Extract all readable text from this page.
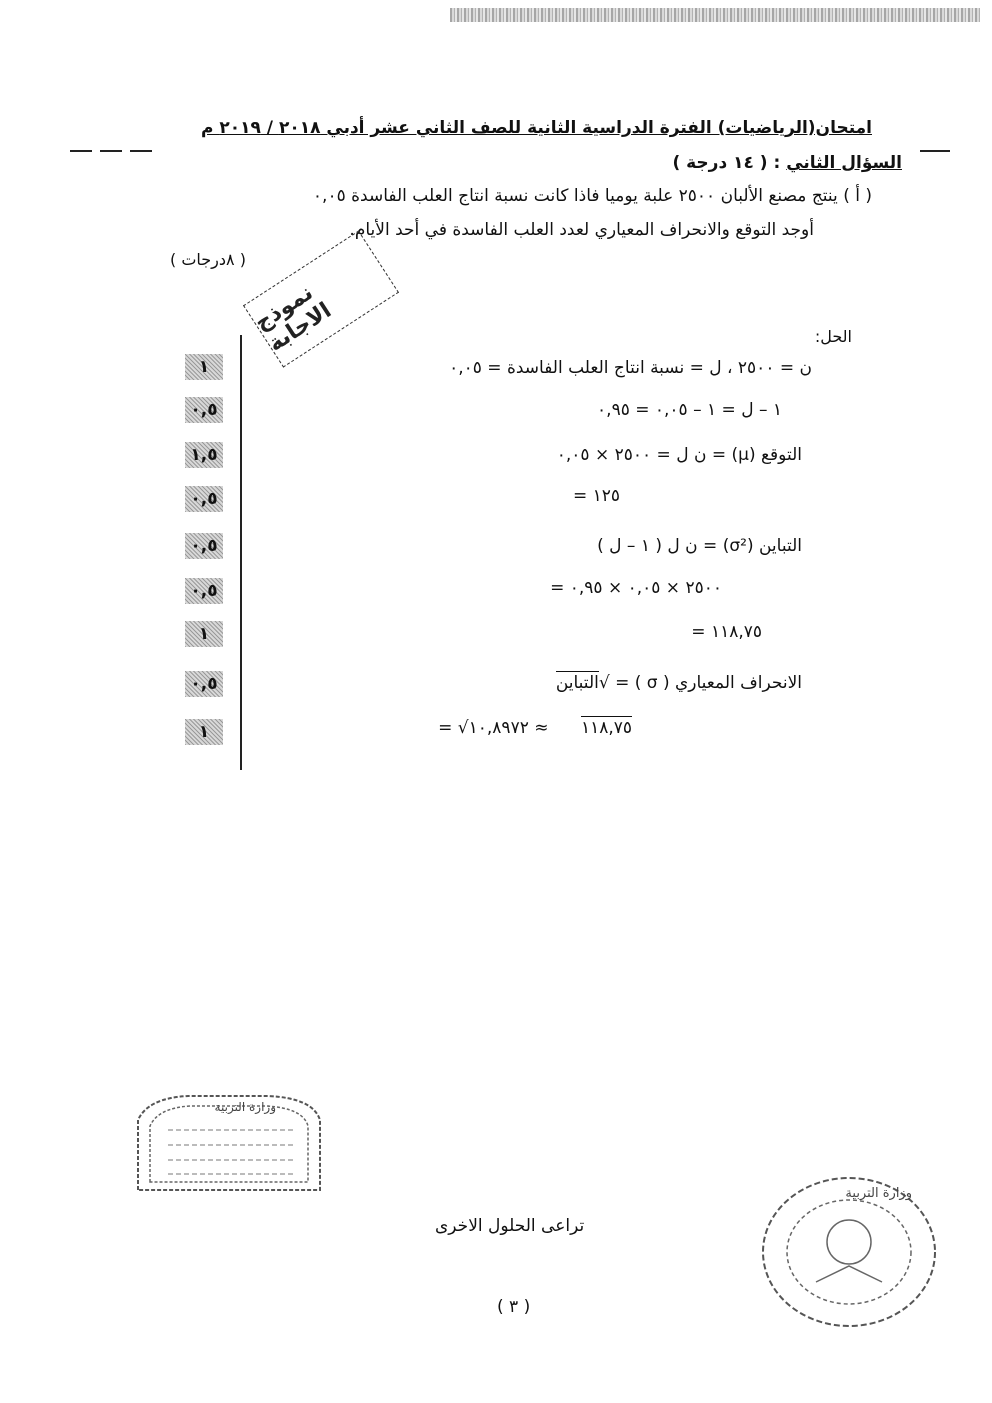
امتحان(الرياضيات) الفترة الدراسية الثانية للصف الثاني عشر أدبي ٢٠١٨ / ٢٠١٩ م
السؤال الثاني : ( ١٤ درجة )
( أ ) ينتج مصنع الألبان ٢٥٠٠ علبة يوميا فاذا كانت نسبة انتاج العلب الفاسدة ٠,٠٥
أوجد التوقع والانحراف المعياري لعدد العلب الفاسدة في أحد الأيام.
( ٨درجات )
نموذج الاجابة	الحل:
ن = ٢٥٠٠ ، ل = نسبة انتاج العلب الفاسدة = ٠,٠٥
١
١ – ل = ١ – ٠,٠٥ = ٠,٩٥
٠,٥
التوقع (µ) = ن ل = ٢٥٠٠ × ٠,٠٥
١,٥
= ١٢٥
٠,٥
التباين (σ²) = ن ل ( ١ – ل )
٠,٥
= ٢٥٠٠ × ٠,٠٥ × ٠,٩٥
٠,٥
= ١١٨,٧٥
١
الانحراف المعياري ( σ ) = √التباين
٠,٥
= √	١١٨,٧٥      ≈ ١٠,٨٩٧٢
١
وزارة التربية
وزارة التربية
تراعى الحلول الاخرى
( ٣ )
